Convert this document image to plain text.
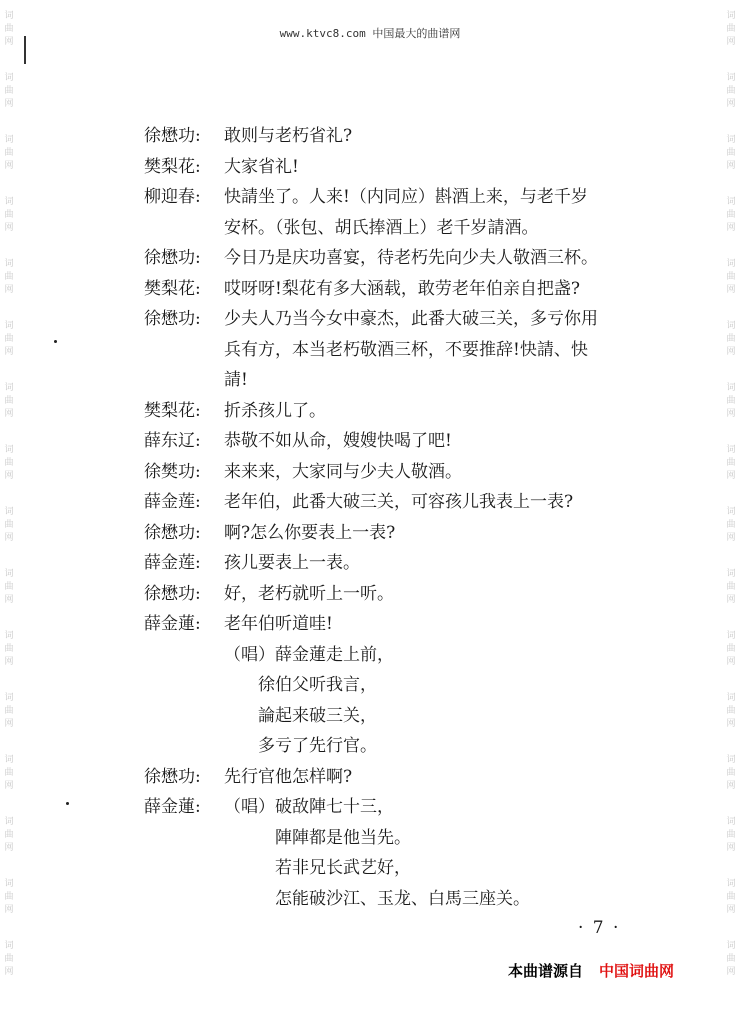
www.ktvc8.com 中国最大的曲谱网
词
曲
网
词
曲
网
词
曲
网
词
曲
网
词
曲
网
词
曲
网
词
曲
网
词
曲
网
词
曲
网
词
曲
网
词
曲
网
词
曲
网
词
曲
网
词
曲
网
词
曲
网
词
曲
网
词
曲
网
词
曲
网
词
曲
网
词
曲
网
词
曲
网
词
曲
网
词
曲
网
词
曲
网
词
曲
网
词
曲
网
词
曲
网
词
曲
网
词
曲
网
词
曲
网
词
曲
网
词
曲
网
徐懋功:	敢则与老朽省礼?
樊梨花:	大家省礼!
柳迎春:	快請坐了。人来!（内同应）斟酒上来，与老千岁
安杯。（张包、胡氏捧酒上）老千岁請酒。
徐懋功:	今日乃是庆功喜宴，待老朽先向少夫人敬酒三杯。
樊梨花:	哎呀呀!梨花有多大涵载，敢劳老年伯亲自把盏?
徐懋功:	少夫人乃当今女中豪杰，此番大破三关，多亏你用
兵有方，本当老朽敬酒三杯，不要推辞!快請、快
請!
樊梨花:	折杀孩儿了。
薛东辽:	恭敬不如从命，嫂嫂快喝了吧!
徐樊功:	来来来，大家同与少夫人敬酒。
薛金莲:	老年伯，此番大破三关，可容孩儿我表上一表?
徐懋功:	啊?怎么你要表上一表?
薛金莲:	孩儿要表上一表。
徐懋功:	好，老朽就听上一听。
薛金蓮:	老年伯听道哇!
（唱）薛金蓮走上前，
　　徐伯父听我言，
　　論起来破三关，
　　多亏了先行官。
徐懋功:	先行官他怎样啊?
薛金蓮:	（唱）破敌陣七十三，
　　　陣陣都是他当先。
　　　若非兄长武艺好，
　　　怎能破沙江、玉龙、白馬三座关。
· 7 ·
本曲谱源自 中国词曲网
